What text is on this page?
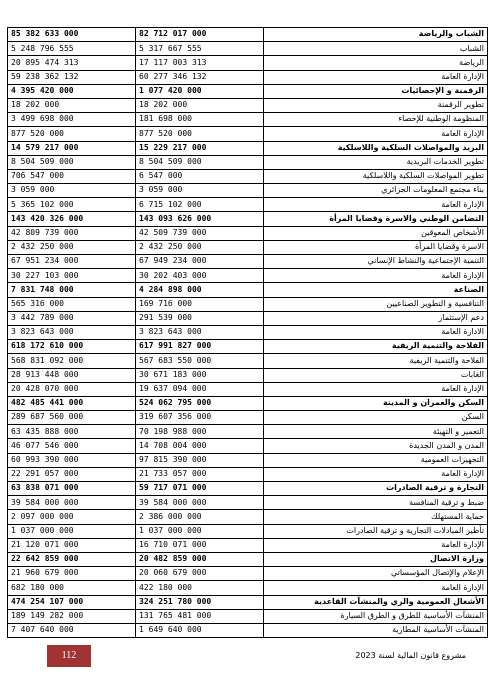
85 382 633 000	82 712 017 000	الشباب والرياضة
5 248 796 555	5 317 667 555	الشباب
20 895 474 313	17 117 003 313	الرياضة
59 238 362 132	60 277 346 132	الإدارة العامة
4 395 420 000	1 077 420 000	الرقمنة و الإحصائيات
18 202 000	18 202 000	تطوير الرقمنة
3 499 698 000	181 698 000	المنظومة الوطنية للإحصاء
877 520 000	877 520 000	الإدارة العامة
14 579 217 000	15 229 217 000	البريد والمواصلات السلكية واللاسلكية
8 504 509 000	8 504 509 000	تطوير الخدمات البريدية
706 547 000	6 547 000	تطوير المواصلات السلكية واللاسلكية
3 059 000	3 059 000	بناء مجتمع المعلومات الجزائري
5 365 102 000	6 715 102 000	الإدارة العامة
143 420 326 000	143 093 626 000	التضامن الوطني والاسرة وقضايا المرأة
42 809 739 000	42 509 739 000	الأشخاص المعوقين
2 432 250 000	2 432 250 000	الاسرة وقضايا المرأة
67 951 234 000	67 949 234 000	التنمية الإجتماعية والنشاط الإنساني
30 227 103 000	30 202 403 000	الإدارة العامة
7 831 748 000	4 284 898 000	الصناعة
565 316 000	169 716 000	التنافسية و التطوير الصناعيين
3 442 789 000	291 539 000	دعم الإستثمار
3 823 643 000	3 823 643 000	الادارة العامة
618 172 610 000	617 991 827 000	الفلاحة والتنمية الريفية
568 831 092 000	567 683 550 000	الفلاحة والتنمية الريفية
28 913 448 000	30 671 183 000	الغابات
20 428 070 000	19 637 094 000	الإدارة العامة
482 485 441 000	524 062 795 000	السكن والعمران و المدينة
289 687 560 000	319 607 356 000	السكن
63 435 888 000	70 198 988 000	التعمير و التهيئة
46 077 546 000	14 708 004 000	المدن و المدن الجديدة
60 993 390 000	97 815 390 000	التجهيزات العمومية
22 291 057 000	21 733 057 000	الإدارة العامة
63 838 071 000	59 717 071 000	التجارة و ترقية الصادرات
39 584 000 000	39 584 000 000	ضبط و ترقية المنافسة
2 097 000 000	2 386 000 000	حماية المستهلك
1 037 000 000	1 037 000 000	تأطير المبادلات التجارية و ترقية الصادرات
21 120 071 000	16 710 071 000	الإدارة العامة
22 642 859 000	20 482 859 000	وزارة الاتصال
21 960 679 000	20 060 679 000	الإعلام والإتصال المؤسساتي
682 180 000	422 180 000	الإدارة العامة
474 254 107 000	324 251 780 000	الأشغال العمومية والري والمنشآت القاعدية
189 149 282 000	131 765 481 000	المنشآت الأساسية للطرق و الطرق السيارة
7 407 640 000	1 649 640 000	المنشآت الأساسية المطارية
112	مشروع قانون المالية لسنة 2023
